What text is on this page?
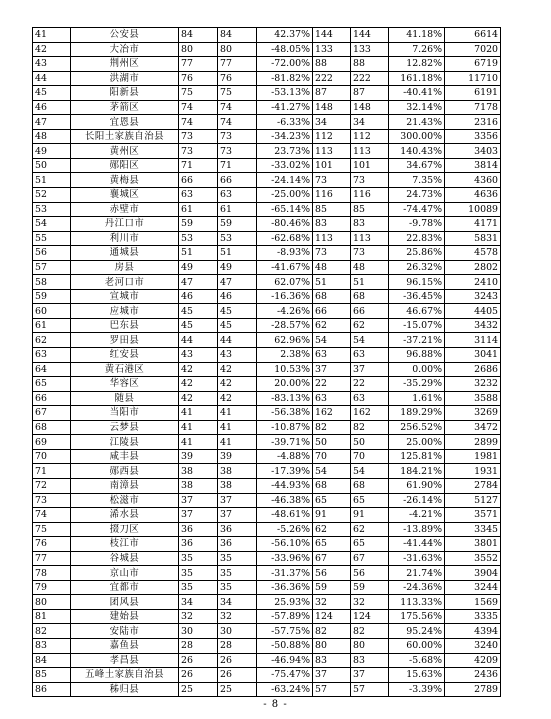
41	公安县	84	84	42.37%	144	144	41.18%	6614
42	大冶市	80	80	-48.05%	133	133	7.26%	7020
43	荆州区	77	77	-72.00%	88	88	12.82%	6719
44	洪湖市	76	76	-81.82%	222	222	161.18%	11710
45	阳新县	75	75	-53.13%	87	87	-40.41%	6191
46	茅箭区	74	74	-41.27%	148	148	32.14%	7178
47	宜恩县	74	74	-6.33%	34	34	21.43%	2316
48	长阳土家族自治县	73	73	-34.23%	112	112	300.00%	3356
49	黄州区	73	73	23.73%	113	113	140.43%	3403
50	郧阳区	71	71	-33.02%	101	101	34.67%	3814
51	黄梅县	66	66	-24.14%	73	73	7.35%	4360
52	襄城区	63	63	-25.00%	116	116	24.73%	4636
53	赤壁市	61	61	-65.14%	85	85	-74.47%	10089
54	丹江口市	59	59	-80.46%	83	83	-9.78%	4171
55	利川市	53	53	-62.68%	113	113	22.83%	5831
56	通城县	51	51	-8.93%	73	73	25.86%	4578
57	房县	49	49	-41.67%	48	48	26.32%	2802
58	老河口市	47	47	62.07%	51	51	96.15%	2410
59	宣城市	46	46	-16.36%	68	68	-36.45%	3243
60	应城市	45	45	-4.26%	66	66	46.67%	4405
61	巴东县	45	45	-28.57%	62	62	-15.07%	3432
62	罗田县	44	44	62.96%	54	54	-37.21%	3114
63	红安县	43	43	2.38%	63	63	96.88%	3041
64	黄石港区	42	42	10.53%	37	37	0.00%	2686
65	华容区	42	42	20.00%	22	22	-35.29%	3232
66	随县	42	42	-83.13%	63	63	1.61%	3588
67	当阳市	41	41	-56.38%	162	162	189.29%	3269
68	云梦县	41	41	-10.87%	82	82	256.52%	3472
69	江陵县	41	41	-39.71%	50	50	25.00%	2899
70	咸丰县	39	39	-4.88%	70	70	125.81%	1981
71	郧西县	38	38	-17.39%	54	54	184.21%	1931
72	南漳县	38	38	-44.93%	68	68	61.90%	2784
73	松滋市	37	37	-46.38%	65	65	-26.14%	5127
74	浠水县	37	37	-48.61%	91	91	-4.21%	3571
75	掇刀区	36	36	-5.26%	62	62	-13.89%	3345
76	枝江市	36	36	-56.10%	65	65	-41.44%	3801
77	谷城县	35	35	-33.96%	67	67	-31.63%	3552
78	京山市	35	35	-31.37%	56	56	21.74%	3904
79	宜都市	35	35	-36.36%	59	59	-24.36%	3244
80	团风县	34	34	25.93%	32	32	113.33%	1569
81	建始县	32	32	-57.89%	124	124	175.56%	3335
82	安陆市	30	30	-57.75%	82	82	95.24%	4394
83	嘉鱼县	28	28	-50.88%	80	80	60.00%	3240
84	孝昌县	26	26	-46.94%	83	83	-5.68%	4209
85	五峰土家族自治县	26	26	-75.47%	37	37	15.63%	2436
86	秭归县	25	25	-63.24%	57	57	-3.39%	2789
- 8 -
